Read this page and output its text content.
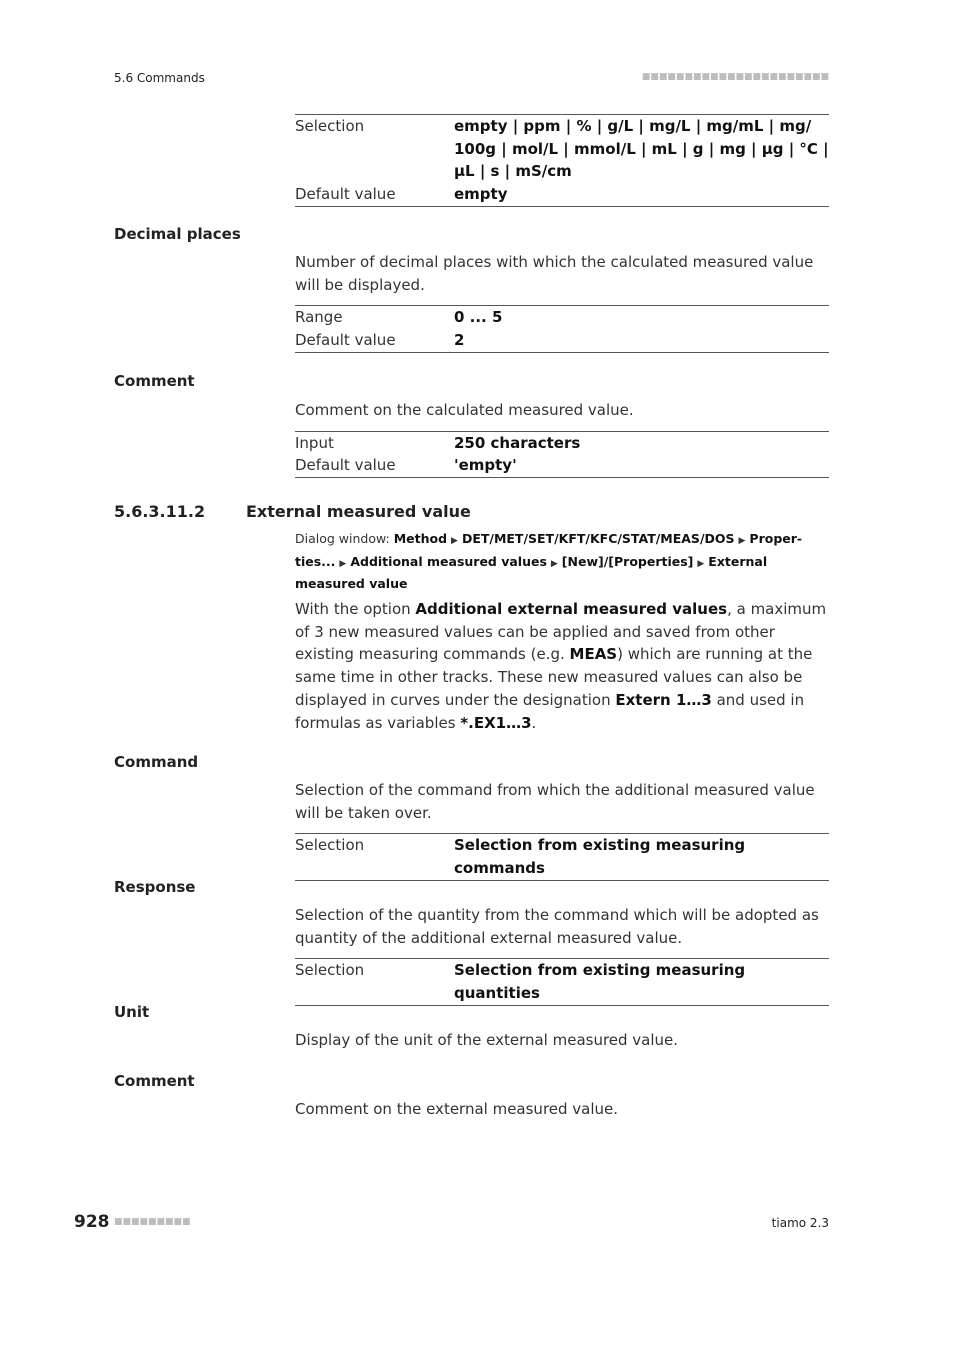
5.6 Commands	■■■■■■■■■■■■■■■■■■■■■■
Selection	empty | ppm | % | g/L | mg/L | mg/mL | mg/ 100g | mol/L | mmol/L | mL | g | mg | µg | °C | µL | s | mS/cm
Default value	empty
Decimal places

Number of decimal places with which the calculated measured value will be displayed.

Range	0 ... 5
Default value	2
Comment

Comment on the calculated measured value.

Input	250 characters
Default value	'empty'
5.6.3.11.2	External measured value

Dialog window: Method ▶ DET/MET/SET/KFT/KFC/STAT/MEAS/DOS ▶ Proper- ties... ▶ Additional measured values ▶ [New]/[Properties] ▶ External measured value

With the option Additional external measured values, a maximum of 3 new measured values can be applied and saved from other existing measuring commands (e.g. MEAS) which are running at the same time in other tracks. These new measured values can also be displayed in curves under the designation Extern 1…3 and used in formulas as variables *.EX1…3.

Command

Selection of the command from which the additional measured value will be taken over.

Selection	Selection from existing measuring commands
Response

Selection of the quantity from the command which will be adopted as quantity of the additional external measured value.

Selection	Selection from existing measuring quantities
Unit

Display of the unit of the external measured value.

Comment

Comment on the external measured value.

928 ■■■■■■■■■	tiamo 2.3
